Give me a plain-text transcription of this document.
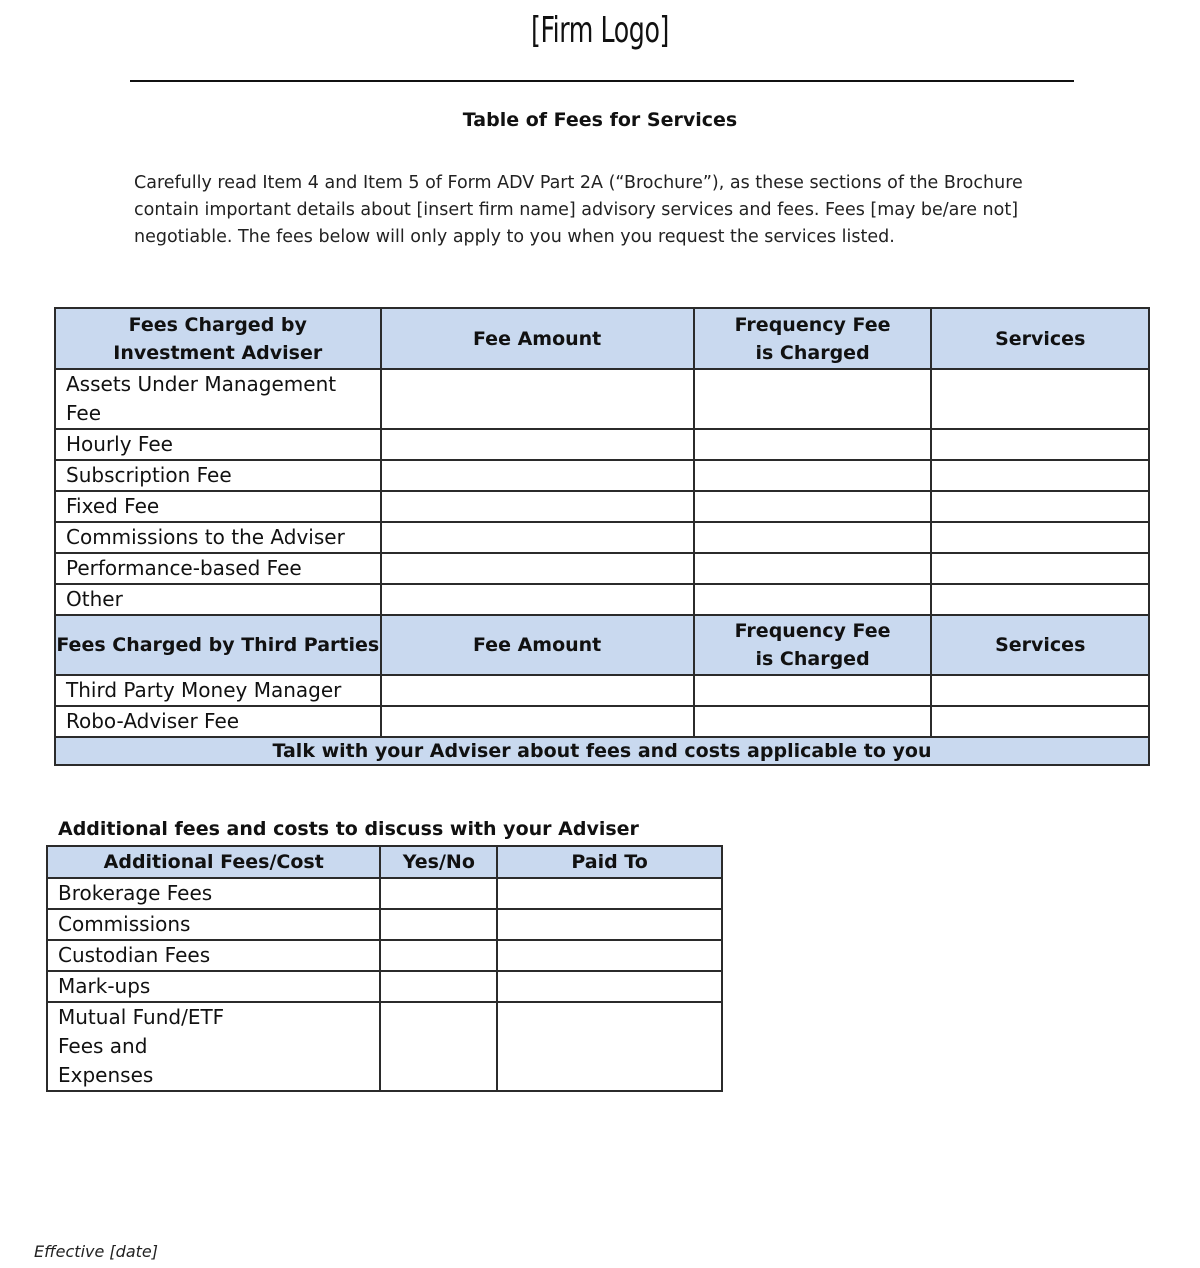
[Firm Logo]
Table of Fees for Services
Carefully read Item 4 and Item 5 of Form ADV Part 2A (“Brochure”), as these sections of the Brochure contain important details about [insert firm name] advisory services and fees. Fees [may be/are not] negotiable. The fees below will only apply to you when you request the services listed.
Fees Charged by Investment Adviser	Fee Amount	Frequency Fee is Charged	Services
Assets Under Management Fee			
Hourly Fee			
Subscription Fee			
Fixed Fee			
Commissions to the Adviser			
Performance-based Fee			
Other			
Fees Charged by Third Parties	Fee Amount	Frequency Fee is Charged	Services
Third Party Money Manager			
Robo-Adviser Fee			
Talk with your Adviser about fees and costs applicable to you			
Additional fees and costs to discuss with your Adviser
Additional Fees/Cost	Yes/No	Paid To
Brokerage Fees		
Commissions		
Custodian Fees		
Mark-ups		
Mutual Fund/ETF Fees and Expenses		
Effective [date]
